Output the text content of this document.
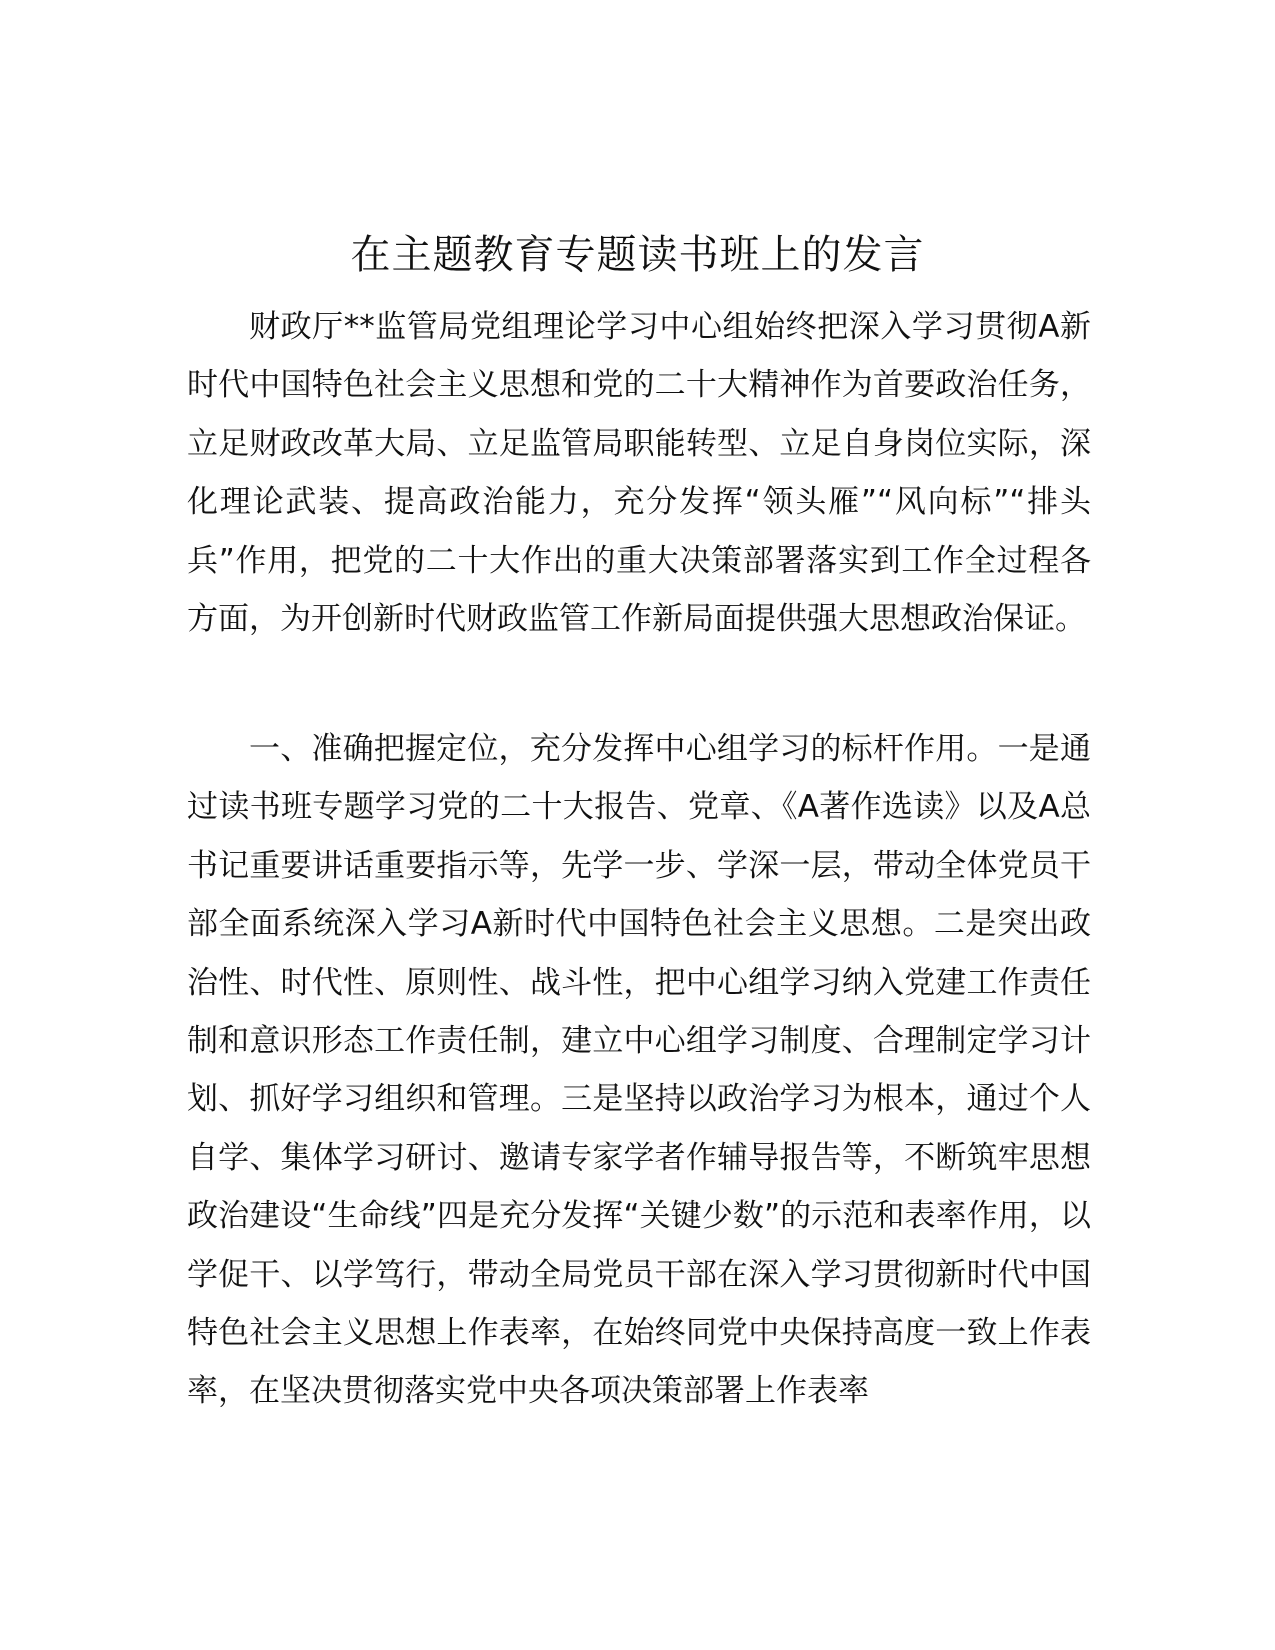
在主题教育专题读书班上的发言

财政厅**监管局党组理论学习中心组始终把深入学习贯彻A新时代中国特色社会主义思想和党的二十大精神作为首要政治任务，立足财政改革大局、立足监管局职能转型、立足自身岗位实际，深化理论武装、提高政治能力，充分发挥“领头雁”“风向标”“排头兵”作用，把党的二十大作出的重大决策部署落实到工作全过程各方面，为开创新时代财政监管工作新局面提供强大思想政治保证。

一、准确把握定位，充分发挥中心组学习的标杆作用。一是通过读书班专题学习党的二十大报告、党章、《A著作选读》以及A总书记重要讲话重要指示等，先学一步、学深一层，带动全体党员干部全面系统深入学习A新时代中国特色社会主义思想。二是突出政治性、时代性、原则性、战斗性，把中心组学习纳入党建工作责任制和意识形态工作责任制，建立中心组学习制度、合理制定学习计划、抓好学习组织和管理。三是坚持以政治学习为根本，通过个人自学、集体学习研讨、邀请专家学者作辅导报告等，不断筑牢思想政治建设“生命线”四是充分发挥“关键少数”的示范和表率作用，以学促干、以学笃行，带动全局党员干部在深入学习贯彻新时代中国特色社会主义思想上作表率，在始终同党中央保持高度一致上作表率，在坚决贯彻落实党中央各项决策部署上作表率
